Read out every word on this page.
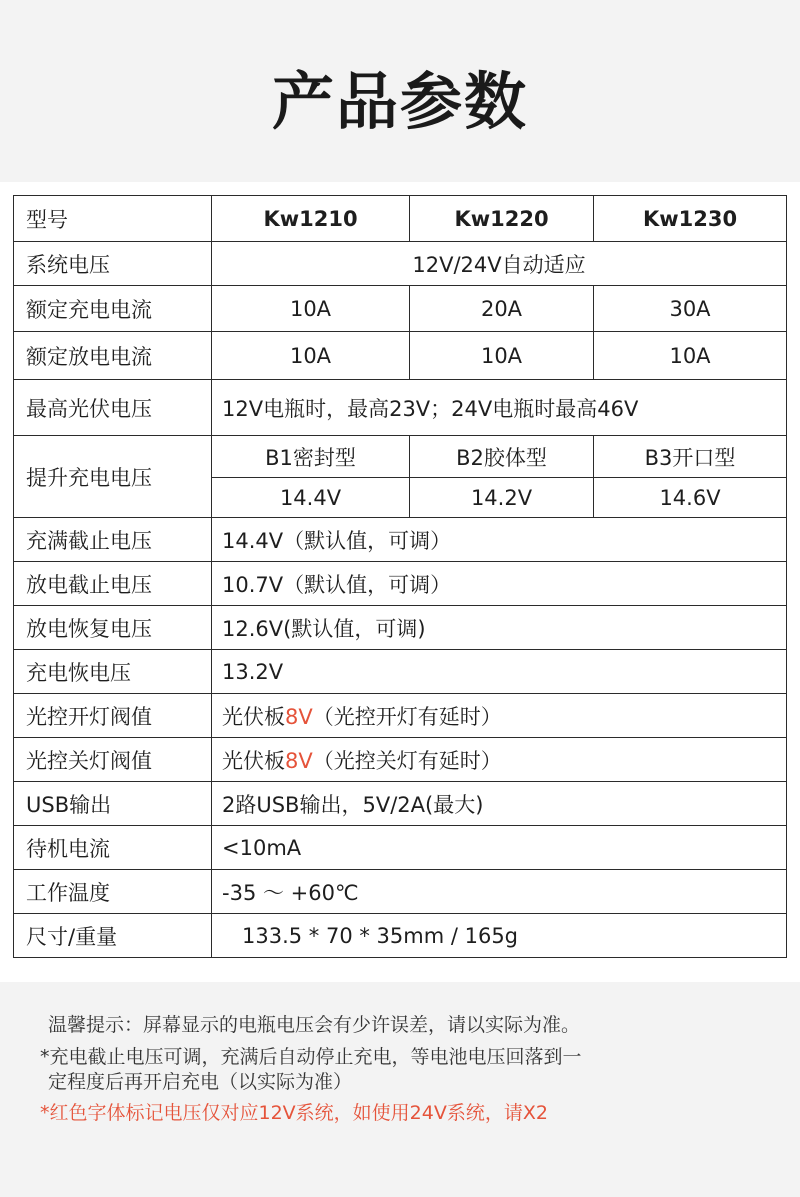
产品参数
型号	Kw1210	Kw1220	Kw1230
系统电压	12V/24V自动适应		
额定充电电流	10A	20A	30A
额定放电电流	10A	10A	10A
最高光伏电压	12V电瓶时，最高23V；24V电瓶时最高46V		
提升充电电压	B1密封型	B2胶体型	B3开口型
	14.4V	14.2V	14.6V
充满截止电压	14.4V（默认值，可调）		
放电截止电压	10.7V（默认值，可调）		
放电恢复电压	12.6V(默认值，可调)		
充电恢电压	13.2V		
光控开灯阀值	光伏板8V（光控开灯有延时）		
光控关灯阀值	光伏板8V（光控关灯有延时）		
USB输出	2路USB输出，5V/2A(最大)		
待机电流	<10mA		
工作温度	-35 ～ +60℃		
尺寸/重量	133.5 * 70 * 35mm / 165g		
温馨提示：屏幕显示的电瓶电压会有少许误差，请以实际为准。
*充电截止电压可调，充满后自动停止充电，等电池电压回落到一
定程度后再开启充电（以实际为准）
*红色字体标记电压仅对应12V系统，如使用24V系统，请X2
